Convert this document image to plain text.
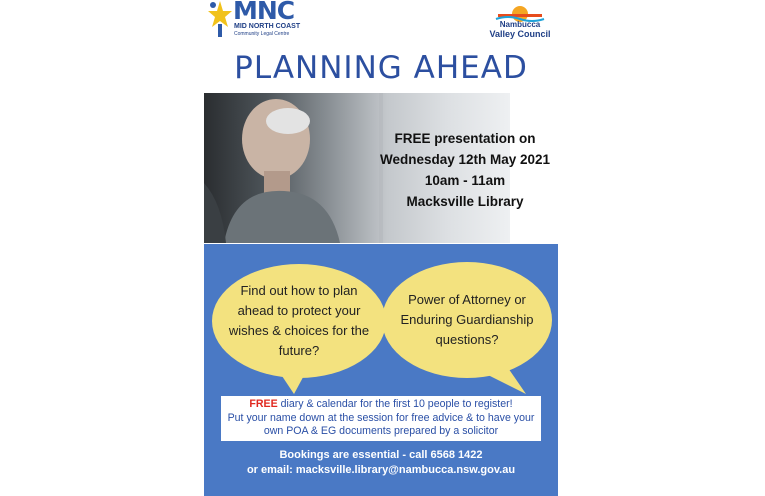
MNC
MID NORTH COAST
Community Legal Centre
Nambucca
Valley Council
PLANNING AHEAD
FREE presentation on
Wednesday 12th May 2021
10am - 11am
Macksville Library
Find out how to plan ahead to protect your wishes & choices for the future?
Power of Attorney or Enduring Guardianship questions?
FREE diary & calendar for the first 10 people to register!
Put your name down at the session for free advice & to have your own POA & EG documents prepared by a solicitor
Bookings are essential - call 6568 1422
or email: macksville.library@nambucca.nsw.gov.au
